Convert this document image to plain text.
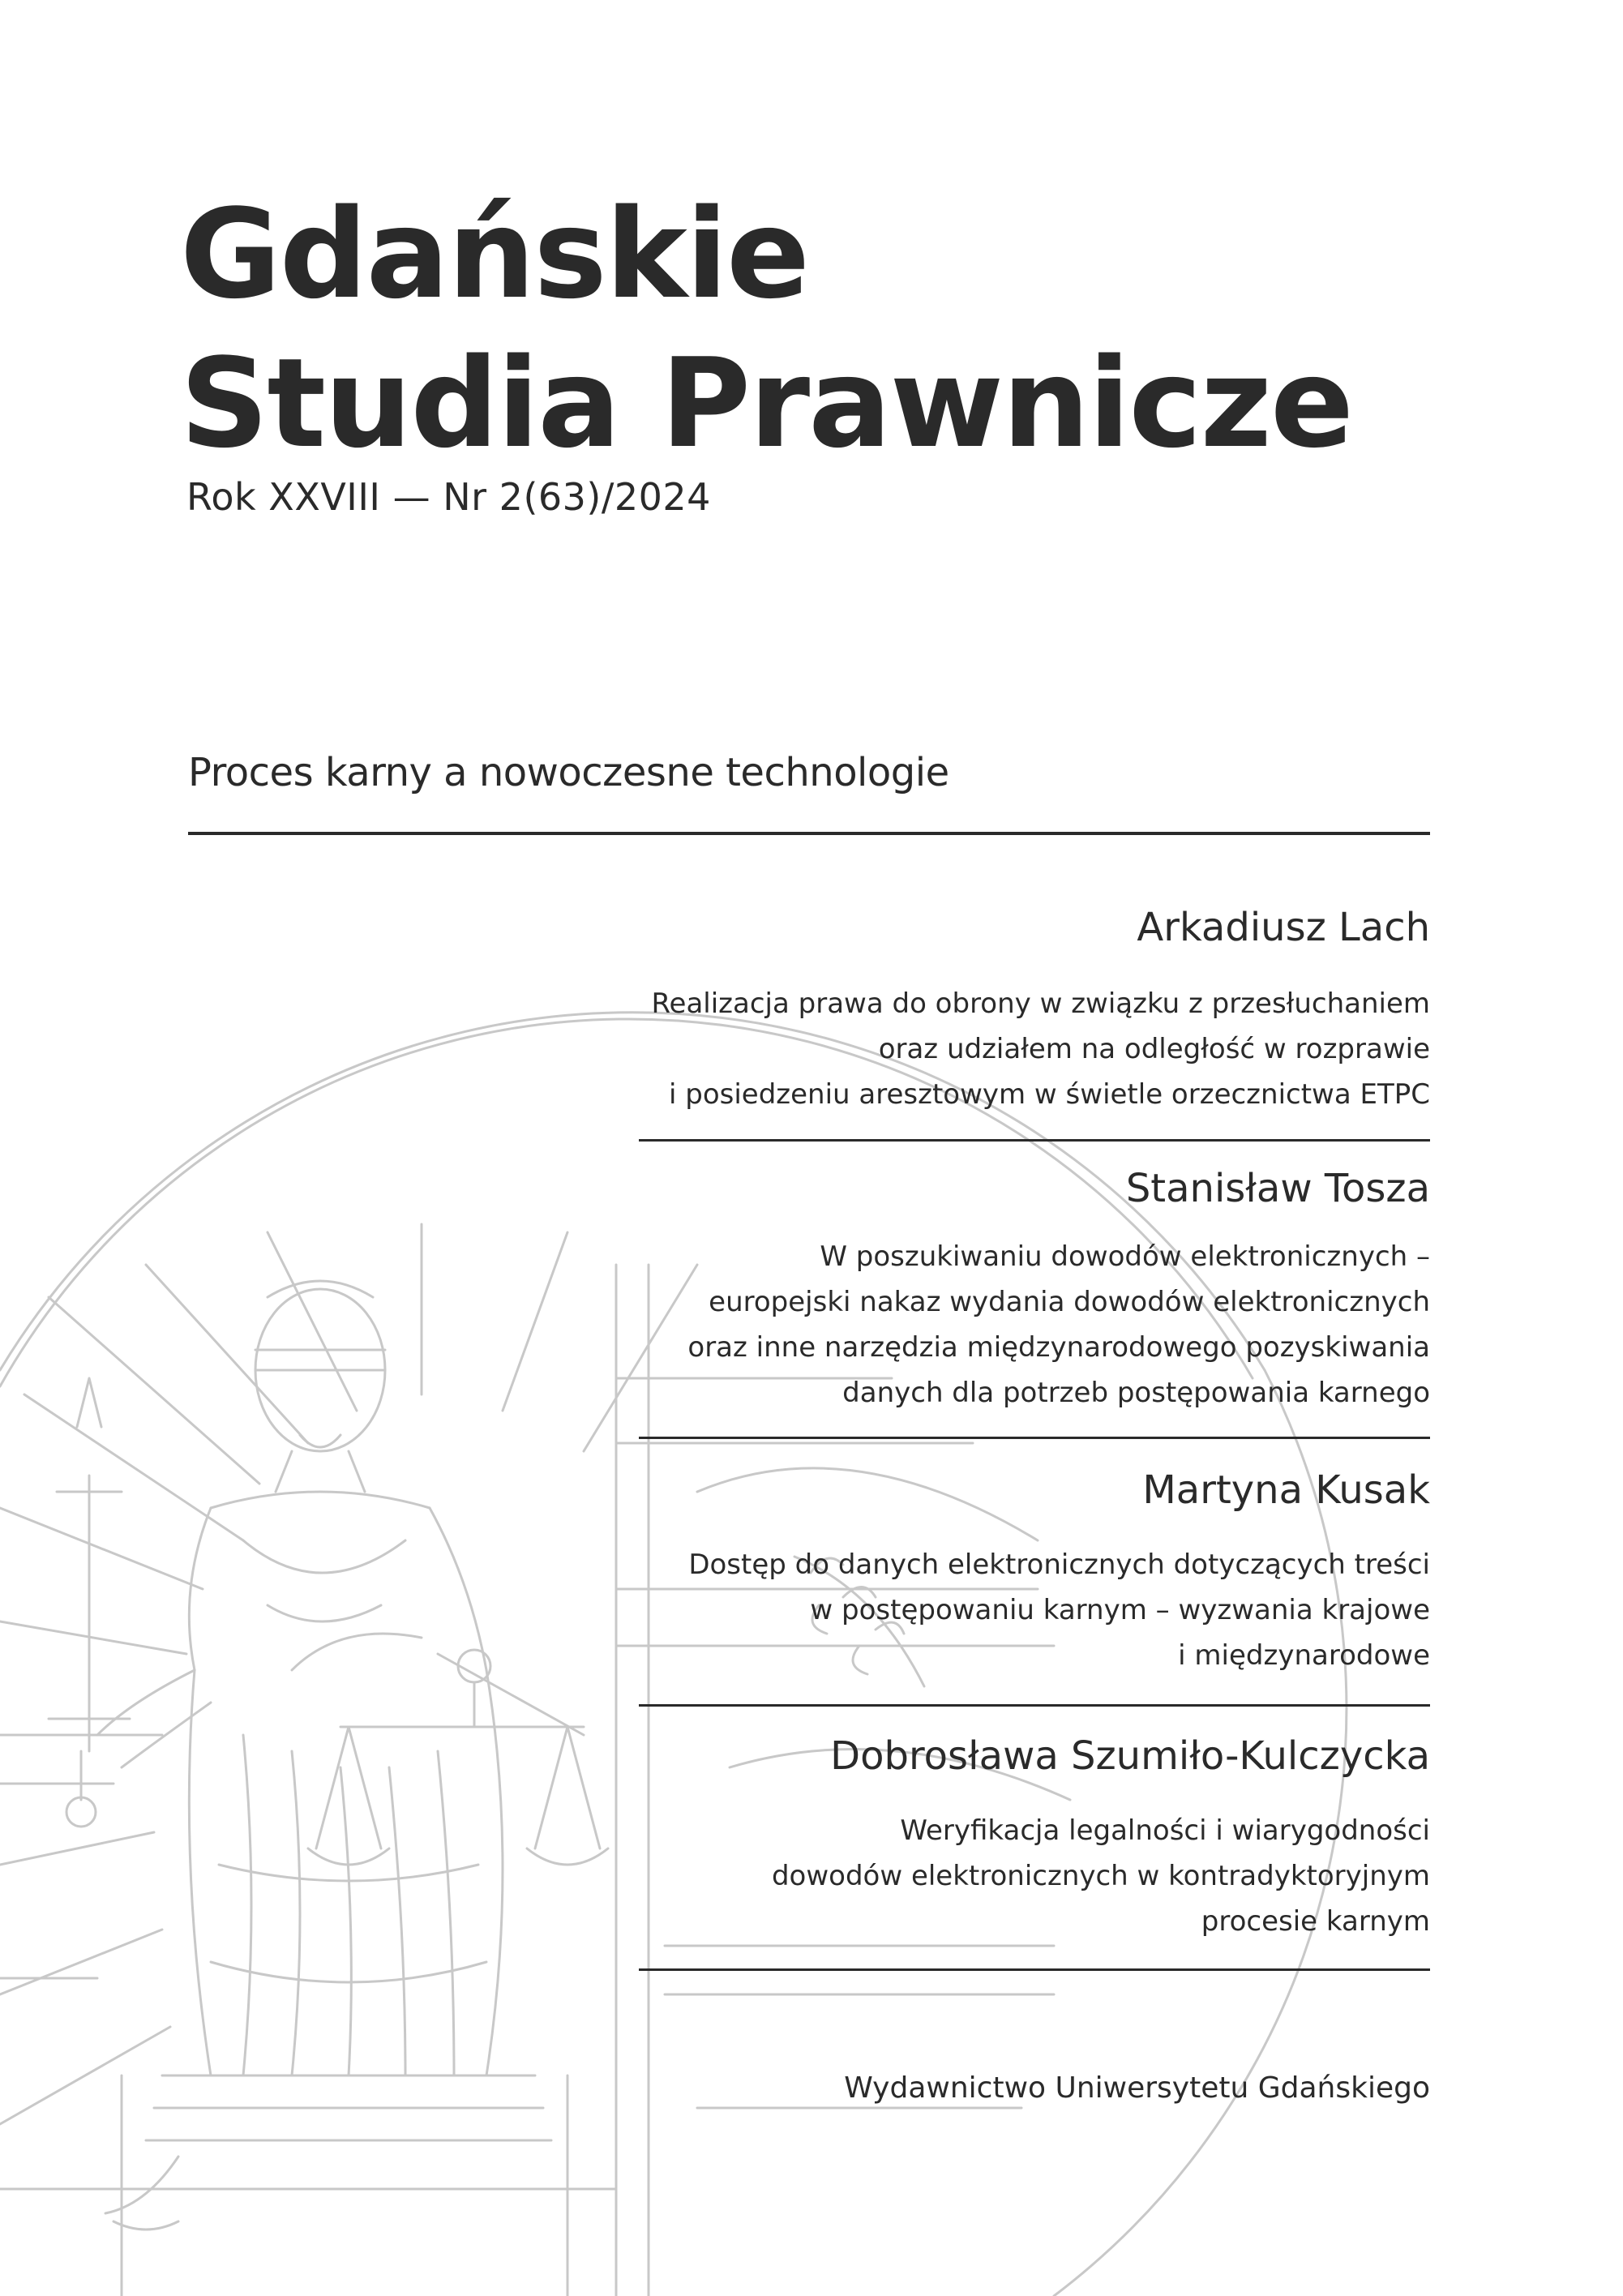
Gdańskie
Studia Prawnicze
Rok XXVIII — Nr 2(63)/2024
Proces karny a nowoczesne technologie
Arkadiusz Lach
Realizacja prawa do obrony w związku z przesłuchaniem
oraz udziałem na odległość w rozprawie
i posiedzeniu aresztowym w świetle orzecznictwa ETPC
Stanisław Tosza
W poszukiwaniu dowodów elektronicznych –
europejski nakaz wydania dowodów elektronicznych
oraz inne narzędzia międzynarodowego pozyskiwania
danych dla potrzeb postępowania karnego
Martyna Kusak
Dostęp do danych elektronicznych dotyczących treści
w postępowaniu karnym – wyzwania krajowe
i międzynarodowe
Dobrosława Szumiło-Kulczycka
Weryfikacja legalności i wiarygodności
dowodów elektronicznych w kontradyktoryjnym
procesie karnym
Wydawnictwo Uniwersytetu Gdańskiego
